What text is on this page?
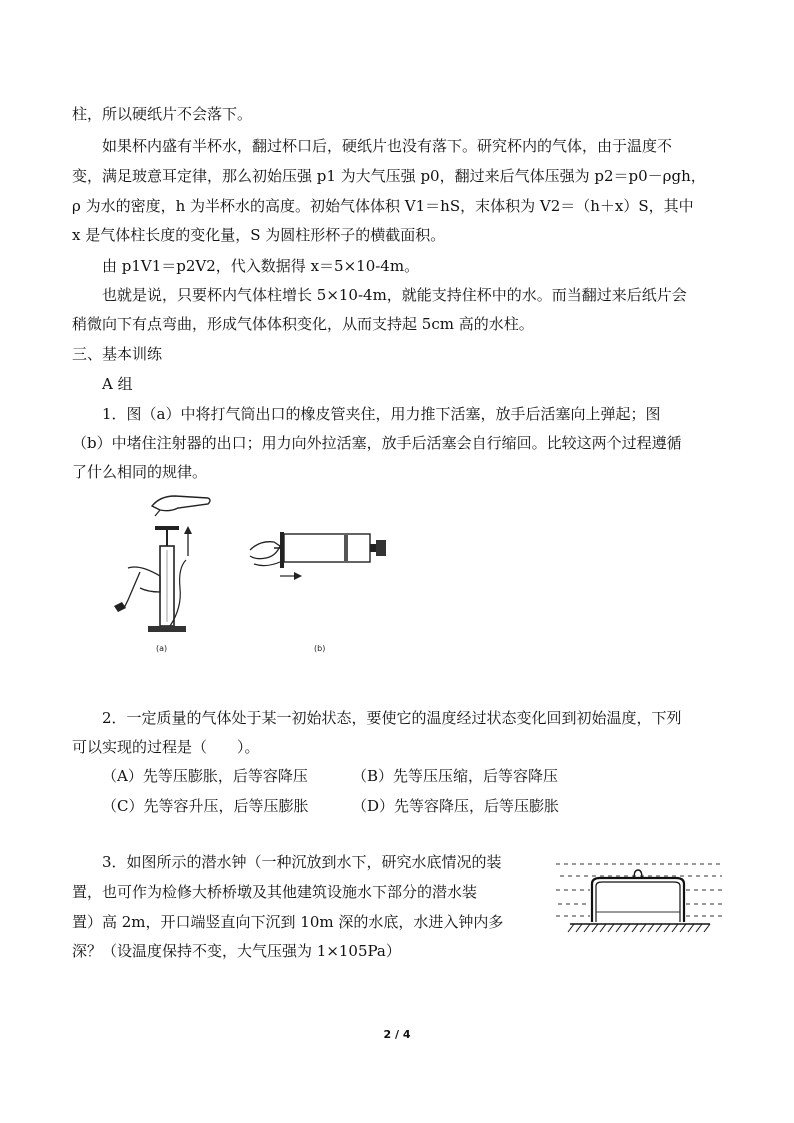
柱，所以硬纸片不会落下。
如果杯内盛有半杯水，翻过杯口后，硬纸片也没有落下。研究杯内的气体，由于温度不
变，满足玻意耳定律，那么初始压强 p1 为大气压强 p0，翻过来后气体压强为 p2＝p0－ρgh，
ρ 为水的密度，h 为半杯水的高度。初始气体体积 V1＝hS，末体积为 V2＝（h＋x）S，其中
x 是气体柱长度的变化量，S 为圆柱形杯子的横截面积。
由 p1V1＝p2V2，代入数据得 x＝5×10-4m。
也就是说，只要杯内气体柱增长 5×10-4m，就能支持住杯中的水。而当翻过来后纸片会
稍微向下有点弯曲，形成气体体积变化，从而支持起 5cm 高的水柱。
三、基本训练
A 组
1．图（a）中将打气筒出口的橡皮管夹住，用力推下活塞，放手后活塞向上弹起；图
（b）中堵住注射器的出口；用力向外拉活塞，放手后活塞会自行缩回。比较这两个过程遵循
了什么相同的规律。
(a)	(b)
2．一定质量的气体处于某一初始状态，要使它的温度经过状态变化回到初始温度，下列
可以实现的过程是（　　）。
（A）先等压膨胀，后等容降压	（B）先等压压缩，后等容降压
（C）先等容升压，后等压膨胀	（D）先等容降压，后等压膨胀
3．如图所示的潜水钟（一种沉放到水下，研究水底情况的装
置，也可作为检修大桥桥墩及其他建筑设施水下部分的潜水装
置）高 2m，开口端竖直向下沉到 10m 深的水底，水进入钟内多
深？（设温度保持不变，大气压强为 1×105Pa）
2 / 4
